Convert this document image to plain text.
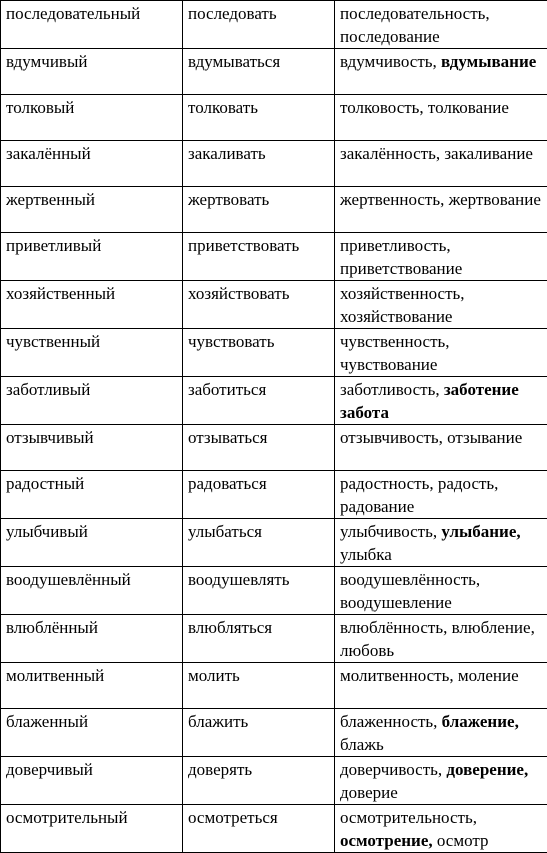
последовательный	последовать	последовательность, последование
вдумчивый	вдумываться	вдумчивость, вдумывание
толковый	толковать	толковость, толкование
закалённый	закаливать	закалённость, закаливание
жертвенный	жертвовать	жертвенность, жертвование
приветливый	приветствовать	приветливость, приветствование
хозяйственный	хозяйствовать	хозяйственность, хозяйствование
чувственный	чувствовать	чувственность, чувствование
заботливый	заботиться	заботливость, заботение забота
отзывчивый	отзываться	отзывчивость, отзывание
радостный	радоваться	радостность, радость, радование
улыбчивый	улыбаться	улыбчивость, улыбание, улыбка
воодушевлённый	воодушевлять	воодушевлённость, воодушевление
влюблённый	влюбляться	влюблённость, влюбление, любовь
молитвенный	молить	молитвенность, моление
блаженный	блажить	блаженность, блажение, блажь
доверчивый	доверять	доверчивость, доверение, доверие
осмотрительный	осмотреться	осмотрительность, осмотрение, осмотр
